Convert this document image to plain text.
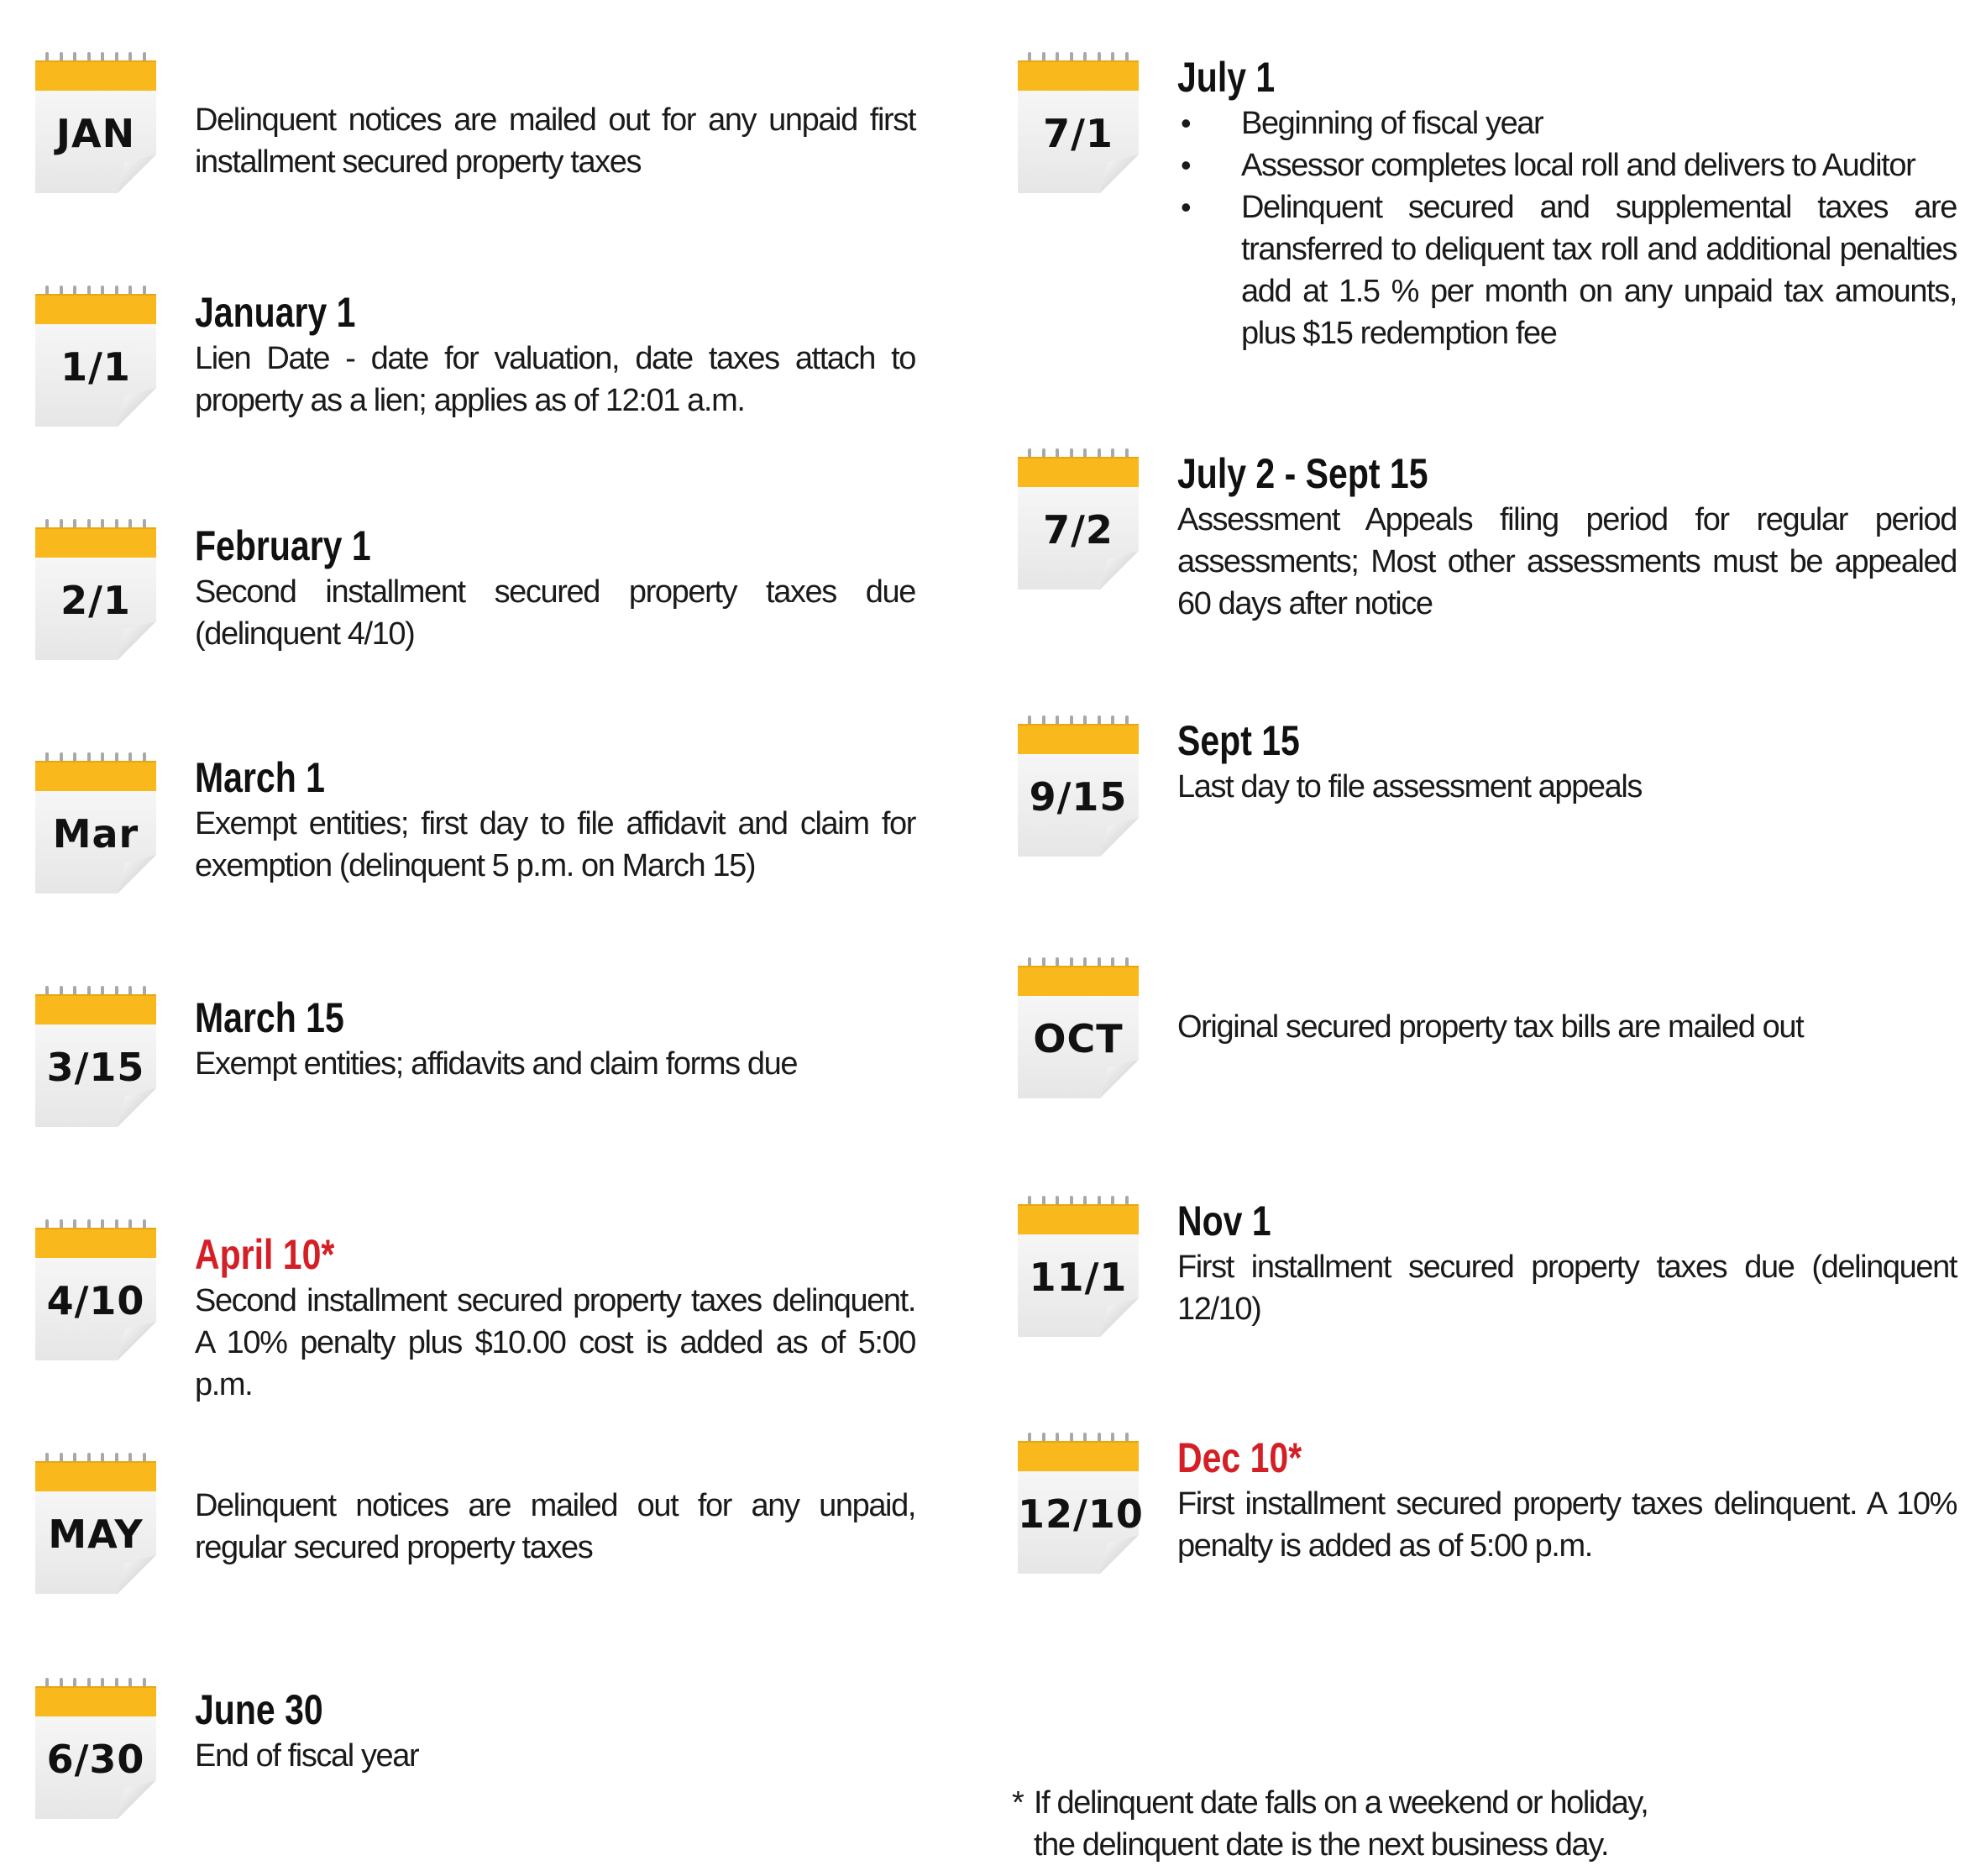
JAN	Delinquent notices are mailed out for any unpaid first installment secured property taxes
1/1
January 1
Lien Date - date for valuation, date taxes attach to property as a lien; applies as of 12:01 a.m.
2/1
February 1
Second installment secured property taxes due (delinquent 4/10)
Mar
March 1
Exempt entities; first day to file affidavit and claim for exemption (delinquent 5 p.m. on March 15)
3/15
March 15
Exempt entities; affidavits and claim forms due
4/10
April 10*
Second installment secured property taxes delinquent. A 10% penalty plus $10.00 cost is added as of 5:00 p.m.
MAY
Delinquent notices are mailed out for any unpaid, regular secured property taxes
6/30
June 30
End of fiscal year
7/1
July 1
• Beginning of fiscal year
• Assessor completes local roll and delivers to Auditor
• Delinquent secured and supplemental taxes are transferred to deliquent tax roll and additional penalties add at 1.5 % per month on any unpaid tax amounts, plus $15 redemption fee
7/2
July 2 - Sept 15
Assessment Appeals filing period for regular period assessments; Most other assessments must be appealed 60 days after notice
9/15
Sept 15
Last day to file assessment appeals
OCT	Original secured property tax bills are mailed out
11/1
Nov 1
First installment secured property taxes due (delinquent 12/10)
12/10
Dec 10*
First installment secured property taxes delinquent. A 10% penalty is added as of 5:00 p.m.
* If delinquent date falls on a weekend or holiday,
the delinquent date is the next business day.
